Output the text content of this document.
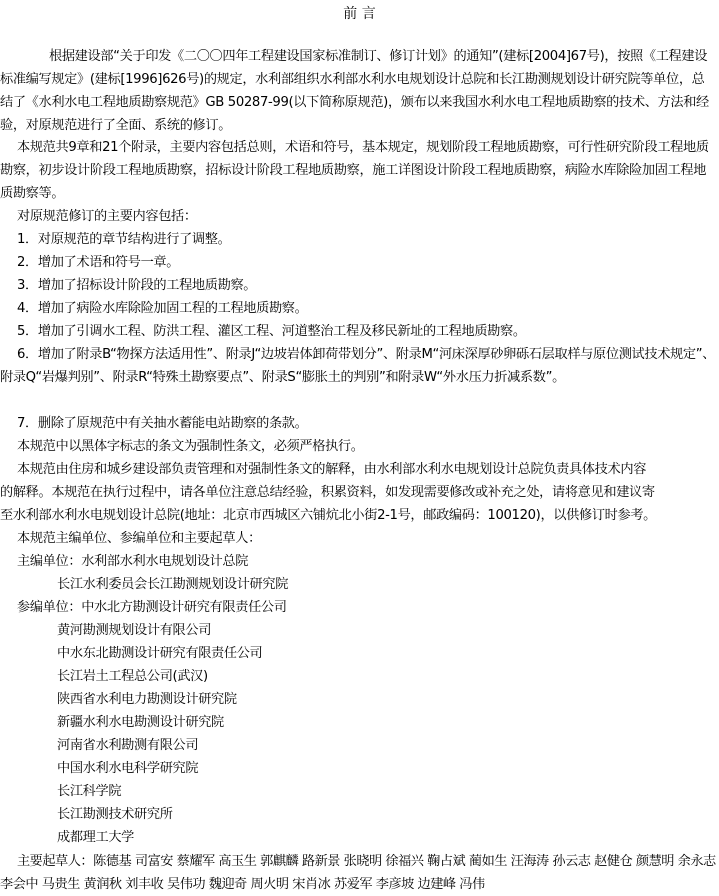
前 言

根据建设部“关于印发《二〇〇四年工程建设国家标准制订、修订计划》的通知”(建标[2004]67号)，按照《工程建设标准编写规定》(建标[1996]626号)的规定，水利部组织水利部水利水电规划设计总院和长江勘测规划设计研究院等单位，总结了《水利水电工程地质勘察规范》GB 50287-99(以下简称原规范)，颁布以来我国水利水电工程地质勘察的技术、方法和经验，对原规范进行了全面、系统的修订。

本规范共9章和21个附录，主要内容包括总则，术语和符号，基本规定，规划阶段工程地质勘察，可行性研究阶段工程地质勘察，初步设计阶段工程地质勘察，招标设计阶段工程地质勘察，施工详图设计阶段工程地质勘察，病险水库除险加固工程地质勘察等。

对原规范修订的主要内容包括：
1．对原规范的章节结构进行了调整。
2．增加了术语和符号一章。
3．增加了招标设计阶段的工程地质勘察。
4．增加了病险水库除险加固工程的工程地质勘察。
5．增加了引调水工程、防洪工程、灌区工程、河道整治工程及移民新址的工程地质勘察。
6．增加了附录B“物探方法适用性”、附录J“边坡岩体卸荷带划分”、附录M“河床深厚砂卵砾石层取样与原位测试技术规定”、附录Q“岩爆判别”、附录R“特殊土勘察要点”、附录S“膨胀土的判别”和附录W“外水压力折减系数”。
7．删除了原规范中有关抽水蓄能电站勘察的条款。
本规范中以黑体字标志的条文为强制性条文，必须严格执行。
本规范由住房和城乡建设部负责管理和对强制性条文的解释，由水利部水利水电规划设计总院负责具体技术内容
的解释。本规范在执行过程中，请各单位注意总结经验，积累资料，如发现需要修改或补充之处，请将意见和建议寄
至水利部水利水电规划设计总院(地址：北京市西城区六铺炕北小街2-1号，邮政编码：100120)，以供修订时参考。
本规范主编单位、参编单位和主要起草人：
主编单位：水利部水利水电规划设计总院
长江水利委员会长江勘测规划设计研究院
参编单位：中水北方勘测设计研究有限责任公司
黄河勘测规划设计有限公司
中水东北勘测设计研究有限责任公司
长江岩土工程总公司(武汉)
陕西省水利电力勘测设计研究院
新疆水利水电勘测设计研究院
河南省水利勘测有限公司
中国水利水电科学研究院
长江科学院
长江勘测技术研究所
成都理工大学

主要起草人：陈德基 司富安 蔡耀军 高玉生 郭麒麟 路新景 张晓明 徐福兴 鞠占斌 蔺如生 汪海涛 孙云志 赵健仓 颜慧明 余永志 李会中 马贵生 黄润秋 刘丰收 吴伟功 魏迎奇 周火明 宋肖冰 苏爱军 李彦坡 边建峰 冯伟
